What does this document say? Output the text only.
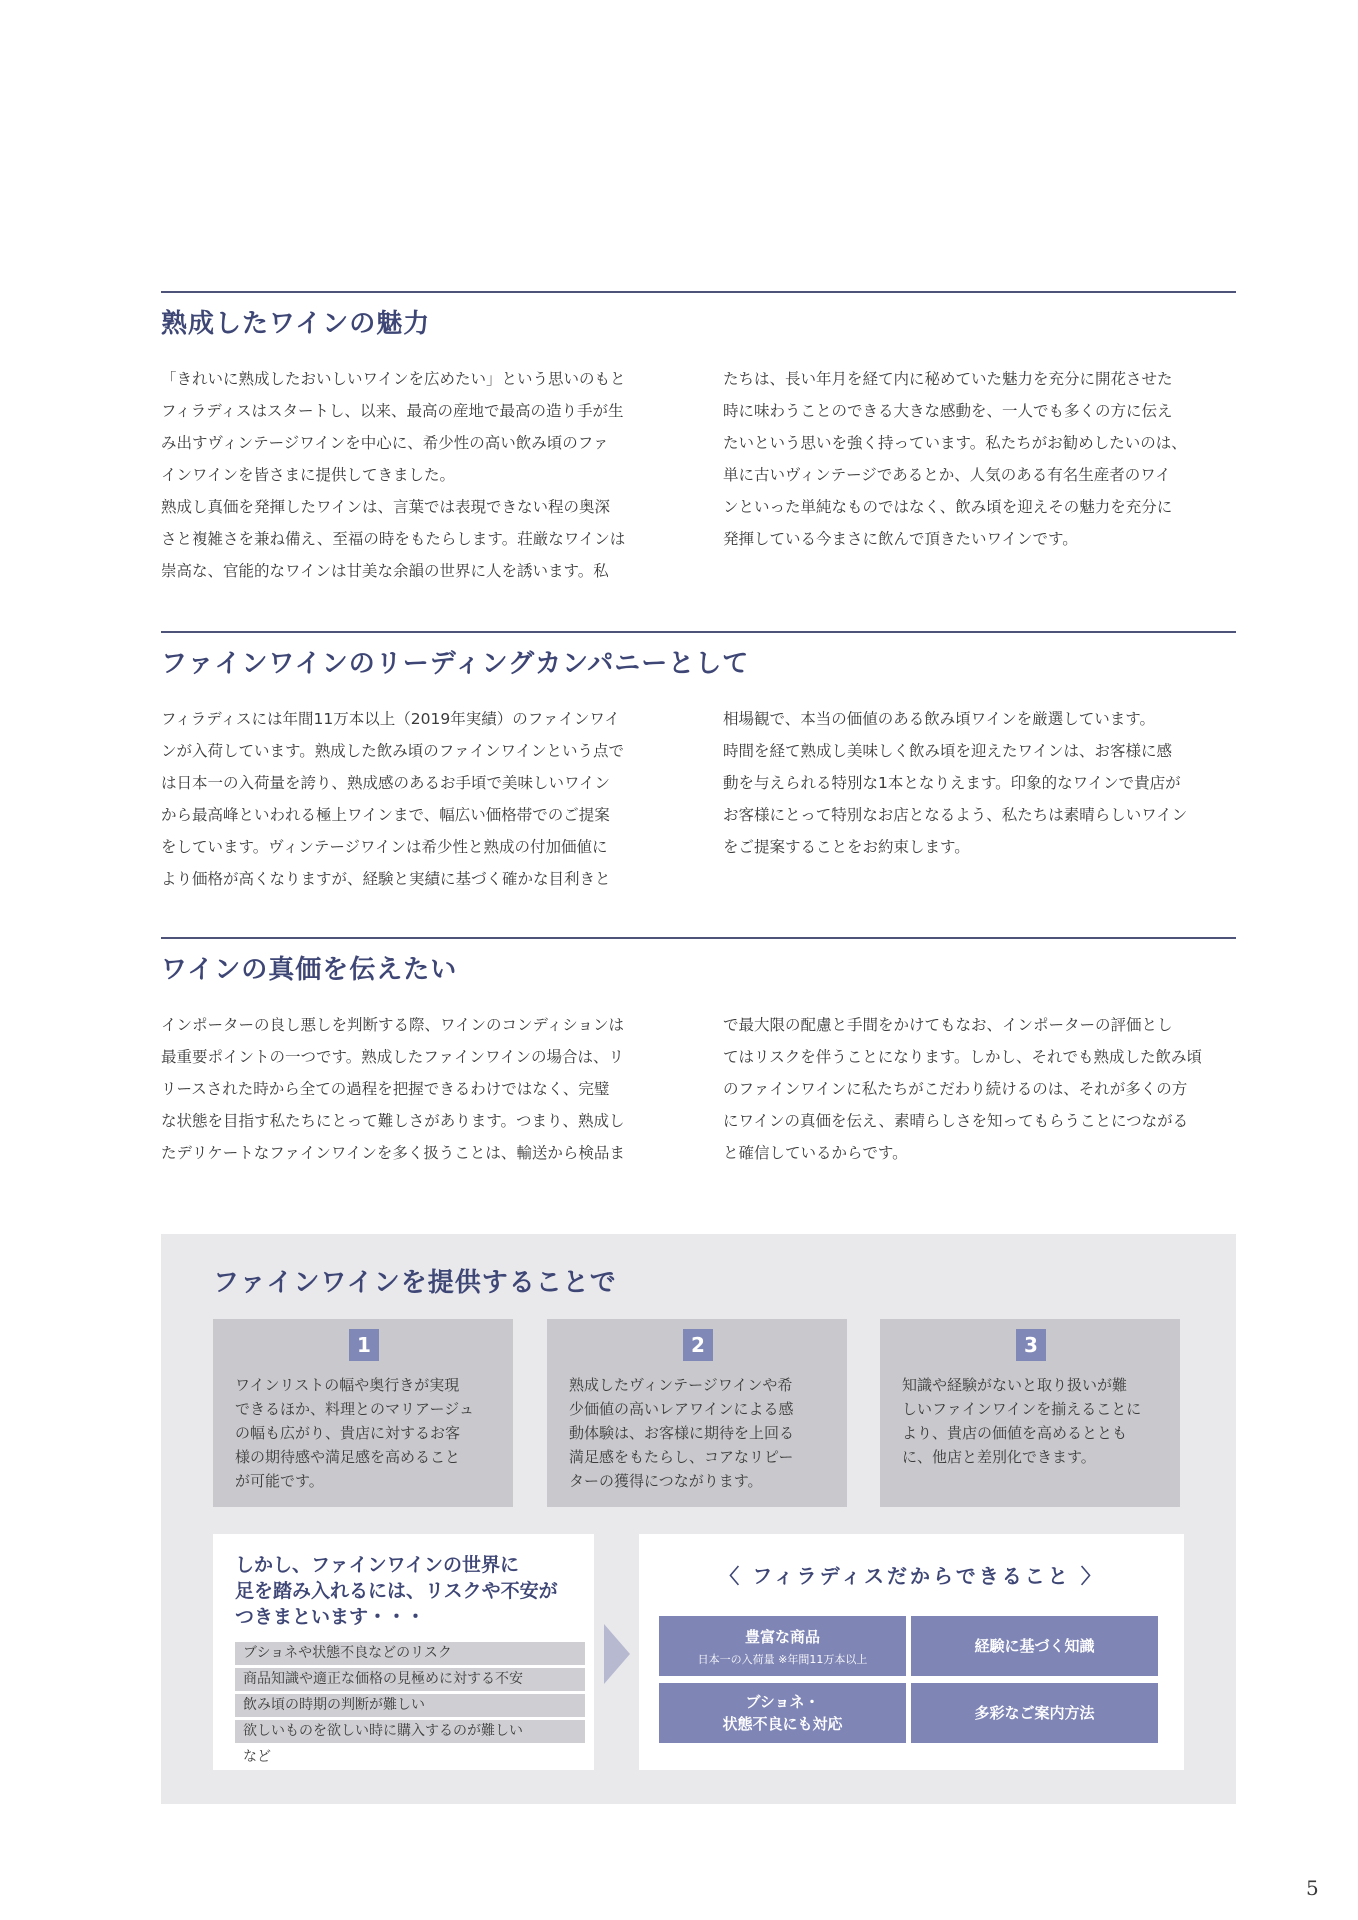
熟成したワインの魅力

「きれいに熟成したおいしいワインを広めたい」という思いのもと
フィラディスはスタートし、以来、最高の産地で最高の造り手が生
み出すヴィンテージワインを中心に、希少性の高い飲み頃のファ
インワインを皆さまに提供してきました。
熟成し真価を発揮したワインは、言葉では表現できない程の奥深
さと複雑さを兼ね備え、至福の時をもたらします。荘厳なワインは
崇高な、官能的なワインは甘美な余韻の世界に人を誘います。私

たちは、長い年月を経て内に秘めていた魅力を充分に開花させた
時に味わうことのできる大きな感動を、一人でも多くの方に伝え
たいという思いを強く持っています。私たちがお勧めしたいのは、
単に古いヴィンテージであるとか、人気のある有名生産者のワイ
ンといった単純なものではなく、飲み頃を迎えその魅力を充分に
発揮している今まさに飲んで頂きたいワインです。

ファインワインのリーディングカンパニーとして

フィラディスには年間11万本以上（2019年実績）のファインワイ
ンが入荷しています。熟成した飲み頃のファインワインという点で
は日本一の入荷量を誇り、熟成感のあるお手頃で美味しいワイン
から最高峰といわれる極上ワインまで、幅広い価格帯でのご提案
をしています。ヴィンテージワインは希少性と熟成の付加価値に
より価格が高くなりますが、経験と実績に基づく確かな目利きと

相場観で、本当の価値のある飲み頃ワインを厳選しています。
時間を経て熟成し美味しく飲み頃を迎えたワインは、お客様に感
動を与えられる特別な1本となりえます。印象的なワインで貴店が
お客様にとって特別なお店となるよう、私たちは素晴らしいワイン
をご提案することをお約束します。

ワインの真価を伝えたい

インポーターの良し悪しを判断する際、ワインのコンディションは
最重要ポイントの一つです。熟成したファインワインの場合は、リ
リースされた時から全ての過程を把握できるわけではなく、完璧
な状態を目指す私たちにとって難しさがあります。つまり、熟成し
たデリケートなファインワインを多く扱うことは、輸送から検品ま

で最大限の配慮と手間をかけてもなお、インポーターの評価とし
てはリスクを伴うことになります。しかし、それでも熟成した飲み頃
のファインワインに私たちがこだわり続けるのは、それが多くの方
にワインの真価を伝え、素晴らしさを知ってもらうことにつながる
と確信しているからです。

ファインワインを提供することで
1
ワインリストの幅や奥行きが実現
できるほか、料理とのマリアージュ
の幅も広がり、貴店に対するお客
様の期待感や満足感を高めること
が可能です。
2
熟成したヴィンテージワインや希
少価値の高いレアワインによる感
動体験は、お客様に期待を上回る
満足感をもたらし、コアなリピー
ターの獲得につながります。
3
知識や経験がないと取り扱いが難
しいファインワインを揃えることに
より、貴店の価値を高めるととも
に、他店と差別化できます。
しかし、ファインワインの世界に
足を踏み入れるには、リスクや不安が
つきまといます・・・
ブショネや状態不良などのリスク
商品知識や適正な価格の見極めに対する不安
飲み頃の時期の判断が難しい
欲しいものを欲しい時に購入するのが難しい
など
〈 フィラディスだからできること 〉
豊富な商品
日本一の入荷量 ※年間11万本以上
経験に基づく知識
ブショネ・
状態不良にも対応
多彩なご案内方法
5
